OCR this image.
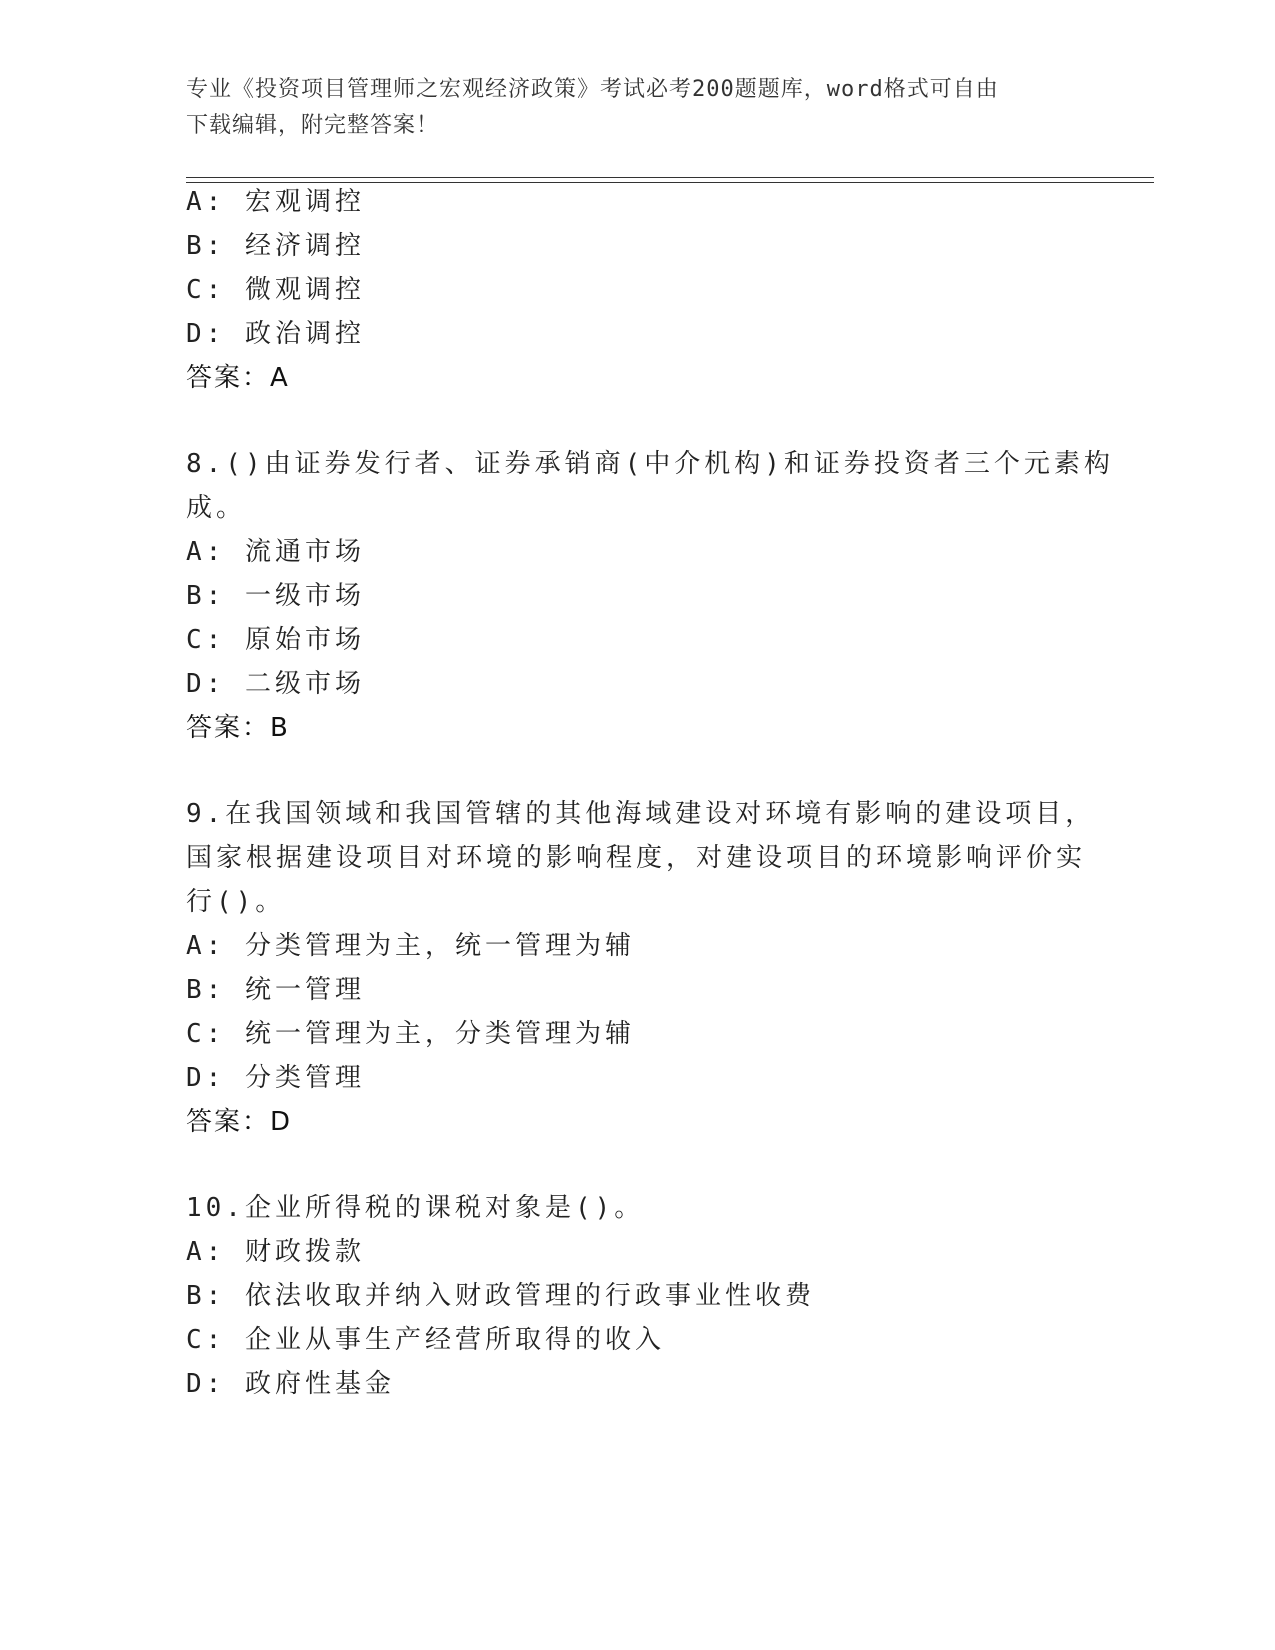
专业《投资项目管理师之宏观经济政策》考试必考200题题库，word格式可自由
下载编辑，附完整答案！
A: 宏观调控
B: 经济调控
C: 微观调控
D: 政治调控
答案：A
8.()由证券发行者、证券承销商(中介机构)和证券投资者三个元素构
成。
A: 流通市场
B: 一级市场
C: 原始市场
D: 二级市场
答案：B
9.在我国领域和我国管辖的其他海域建设对环境有影响的建设项目，
国家根据建设项目对环境的影响程度，对建设项目的环境影响评价实
行()。
A: 分类管理为主，统一管理为辅
B: 统一管理
C: 统一管理为主，分类管理为辅
D: 分类管理
答案：D
10.企业所得税的课税对象是()。
A: 财政拨款
B: 依法收取并纳入财政管理的行政事业性收费
C: 企业从事生产经营所取得的收入
D: 政府性基金
